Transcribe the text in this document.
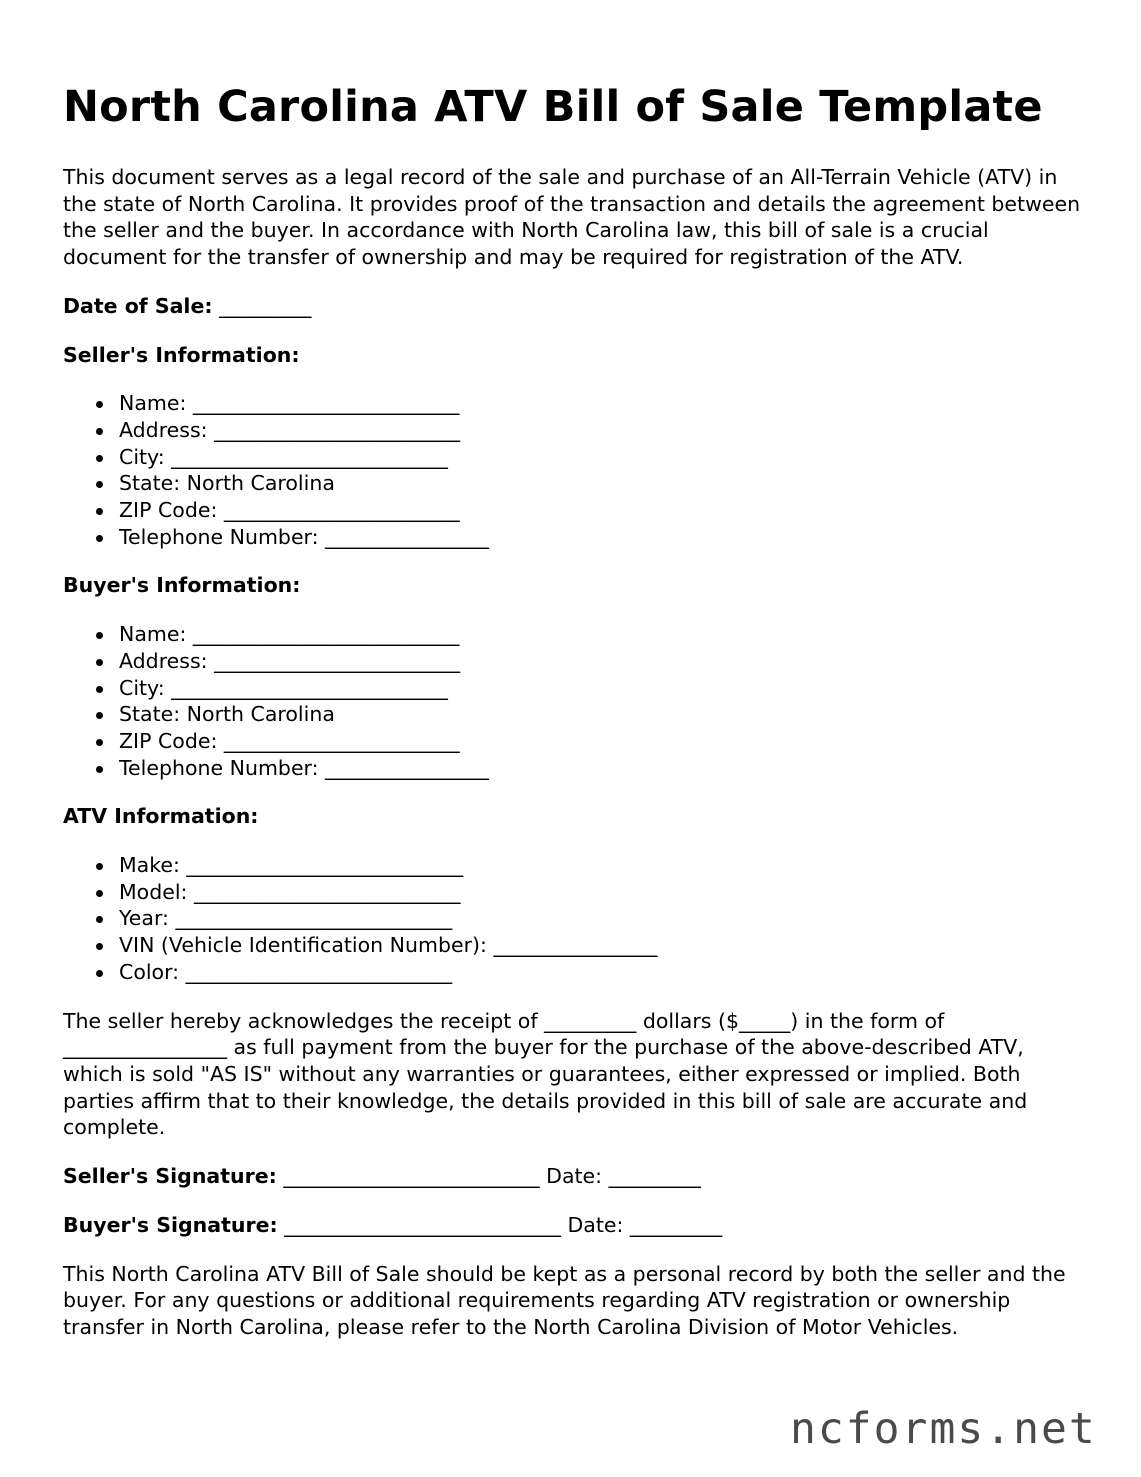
North Carolina ATV Bill of Sale Template

This document serves as a legal record of the sale and purchase of an All-Terrain Vehicle (ATV) in the state of North Carolina. It provides proof of the transaction and details the agreement between the seller and the buyer. In accordance with North Carolina law, this bill of sale is a crucial document for the transfer of ownership and may be required for registration of the ATV.

Date of Sale: _________

Seller's Information:
Name: __________________________
Address: ________________________
City: ___________________________
State: North Carolina
ZIP Code: _______________________
Telephone Number: ________________
Buyer's Information:
Name: __________________________
Address: ________________________
City: ___________________________
State: North Carolina
ZIP Code: _______________________
Telephone Number: ________________
ATV Information:
Make: ___________________________
Model: __________________________
Year: ___________________________
VIN (Vehicle Identification Number): ________________
Color: __________________________

The seller hereby acknowledges the receipt of _________ dollars ($_____) in the form of ________________ as full payment from the buyer for the purchase of the above-described ATV, which is sold "AS IS" without any warranties or guarantees, either expressed or implied. Both parties affirm that to their knowledge, the details provided in this bill of sale are accurate and complete.

Seller's Signature: _________________________ Date: _________

Buyer's Signature: ___________________________ Date: _________

This North Carolina ATV Bill of Sale should be kept as a personal record by both the seller and the buyer. For any questions or additional requirements regarding ATV registration or ownership transfer in North Carolina, please refer to the North Carolina Division of Motor Vehicles.

ncforms.net
